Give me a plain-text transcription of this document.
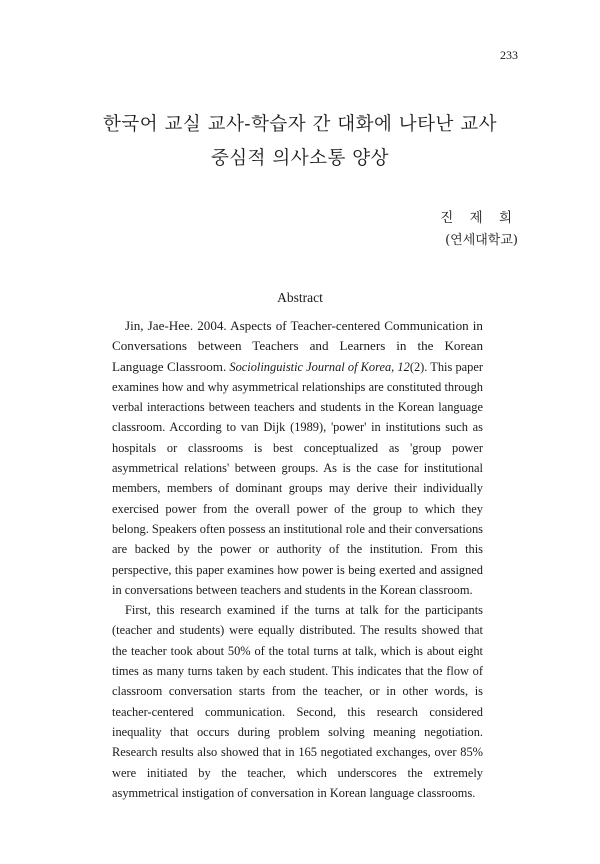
233
한국어 교실 교사-학습자 간 대화에 나타난 교사
중심적 의사소통 양상
진 제 희
(연세대학교)
Abstract

Jin, Jae-Hee. 2004. Aspects of Teacher-centered Communication in Conversations between Teachers and Learners in the Korean Language Classroom. Sociolinguistic Journal of Korea, 12(2). This paper examines how and why asymmetrical relationships are constituted through verbal interactions between teachers and students in the Korean language classroom. According to van Dijk (1989), 'power' in institutions such as hospitals or classrooms is best conceptualized as 'group power asymmetrical relations' between groups. As is the case for institutional members, members of dominant groups may derive their individually exercised power from the overall power of the group to which they belong. Speakers often possess an institutional role and their conversations are backed by the power or authority of the institution. From this perspective, this paper examines how power is being exerted and assigned in conversations between teachers and students in the Korean classroom.

First, this research examined if the turns at talk for the participants (teacher and students) were equally distributed. The results showed that the teacher took about 50% of the total turns at talk, which is about eight times as many turns taken by each student. This indicates that the flow of classroom conversation starts from the teacher, or in other words, is teacher-centered communication. Second, this research considered inequality that occurs during problem solving meaning negotiation. Research results also showed that in 165 negotiated exchanges, over 85% were initiated by the teacher, which underscores the extremely asymmetrical instigation of conversation in Korean language classrooms.
